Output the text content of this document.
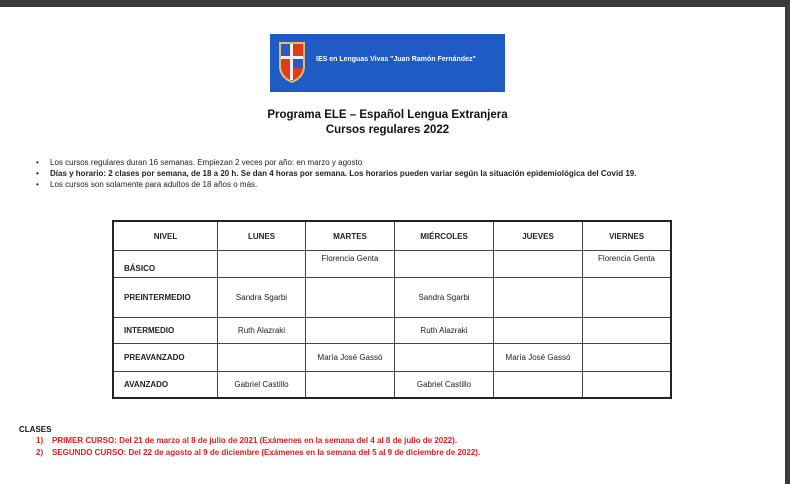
IES en Lenguas Vivas "Juan Ramón Fernández"
Programa ELE – Español Lengua Extranjera
Cursos regulares 2022
• Los cursos regulares duran 16 semanas. Empiezan 2 veces por año: en marzo y agosto
• Días y horario: 2 clases por semana, de 18 a 20 h. Se dan 4 horas por semana. Los horarios pueden variar según la situación epidemiológica del Covid 19.
• Los cursos son solamente para adultos de 18 años o más.
NIVEL	LUNES	MARTES	MIÉRCOLES	JUEVES	VIERNES
BÁSICO		Florencia Genta			Florencia Genta
PREINTERMEDIO	Sandra Sgarbi		Sandra Sgarbi		
INTERMEDIO	Ruth Alazraki		Ruth Alazraki		
PREAVANZADO		María José Gassó		María José Gassó	
AVANZADO	Gabriel Castillo		Gabriel Castillo		
CLASES
1) PRIMER CURSO: Del 21 de marzo al 8 de julio de 2021 (Exámenes en la semana del 4 al 8 de julio de 2022).
2) SEGUNDO CURSO: Del 22 de agosto al 9 de diciembre (Exámenes en la semana del 5 al 9 de diciembre de 2022).
